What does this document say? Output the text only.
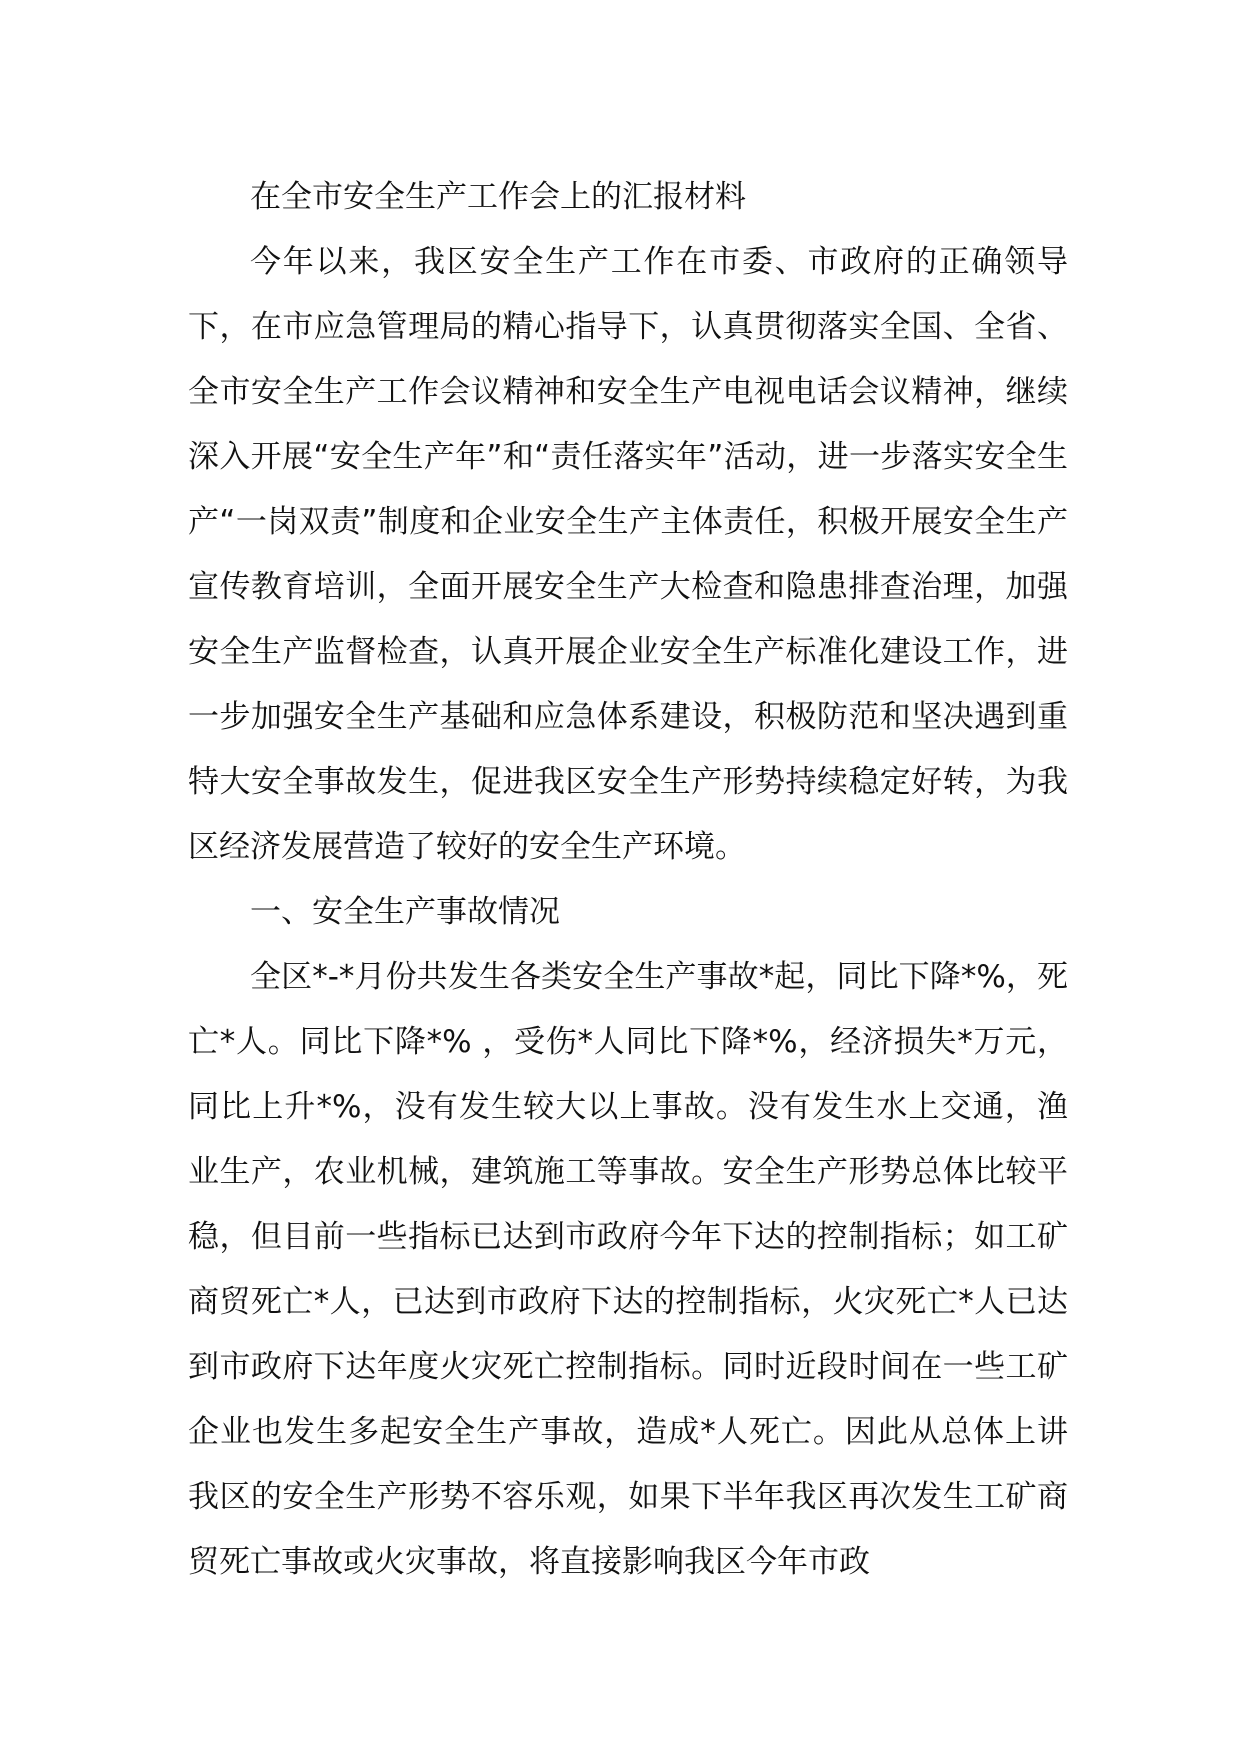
在全市安全生产工作会上的汇报材料

今年以来，我区安全生产工作在市委、市政府的正确领导下，在市应急管理局的精心指导下，认真贯彻落实全国、全省、全市安全生产工作会议精神和安全生产电视电话会议精神，继续深入开展“安全生产年”和“责任落实年”活动，进一步落实安全生产“一岗双责”制度和企业安全生产主体责任，积极开展安全生产宣传教育培训，全面开展安全生产大检查和隐患排查治理，加强安全生产监督检查，认真开展企业安全生产标准化建设工作，进一步加强安全生产基础和应急体系建设，积极防范和坚决遇到重特大安全事故发生，促进我区安全生产形势持续稳定好转，为我区经济发展营造了较好的安全生产环境。

一、安全生产事故情况

全区*-*月份共发生各类安全生产事故*起，同比下降*%，死亡*人。同比下降*% ，受伤*人同比下降*%，经济损失*万元，同比上升*%，没有发生较大以上事故。没有发生水上交通，渔业生产，农业机械，建筑施工等事故。安全生产形势总体比较平稳，但目前一些指标已达到市政府今年下达的控制指标；如工矿商贸死亡*人，已达到市政府下达的控制指标，火灾死亡*人已达到市政府下达年度火灾死亡控制指标。同时近段时间在一些工矿企业也发生多起安全生产事故，造成*人死亡。因此从总体上讲我区的安全生产形势不容乐观，如果下半年我区再次发生工矿商贸死亡事故或火灾事故，将直接影响我区今年市政
